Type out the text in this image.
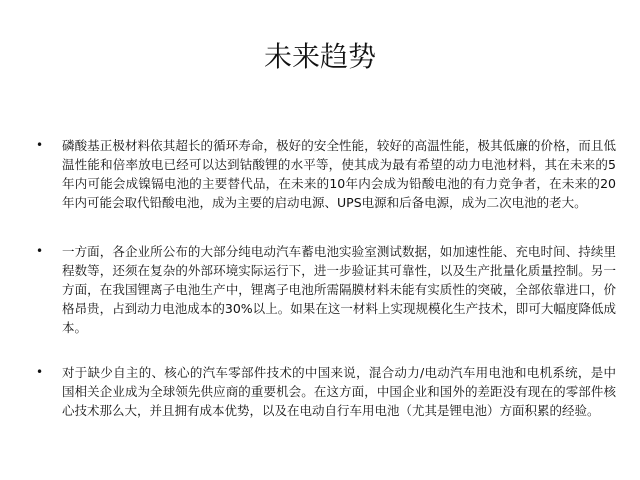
未来趋势
• 磷酸基正极材料依其超长的循环寿命，极好的安全性能，较好的高温性能，极其低廉的价格，而且低温性能和倍率放电已经可以达到钴酸锂的水平等，使其成为最有希望的动力电池材料，其在未来的5年内可能会成镍镉电池的主要替代品，在未来的10年内会成为铅酸电池的有力竞争者，在未来的20年内可能会取代铅酸电池，成为主要的启动电源、UPS电源和后备电源，成为二次电池的老大。
• 一方面，各企业所公布的大部分纯电动汽车蓄电池实验室测试数据，如加速性能、充电时间、持续里程数等，还须在复杂的外部环境实际运行下，进一步验证其可靠性，以及生产批量化质量控制。另一方面，在我国锂离子电池生产中，锂离子电池所需隔膜材料未能有实质性的突破，全部依靠进口，价格昂贵，占到动力电池成本的30%以上。如果在这一材料上实现规模化生产技术，即可大幅度降低成本。
• 对于缺少自主的、核心的汽车零部件技术的中国来说，混合动力/电动汽车用电池和电机系统，是中国相关企业成为全球领先供应商的重要机会。在这方面，中国企业和国外的差距没有现在的零部件核心技术那么大，并且拥有成本优势，以及在电动自行车用电池（尤其是锂电池）方面积累的经验。
